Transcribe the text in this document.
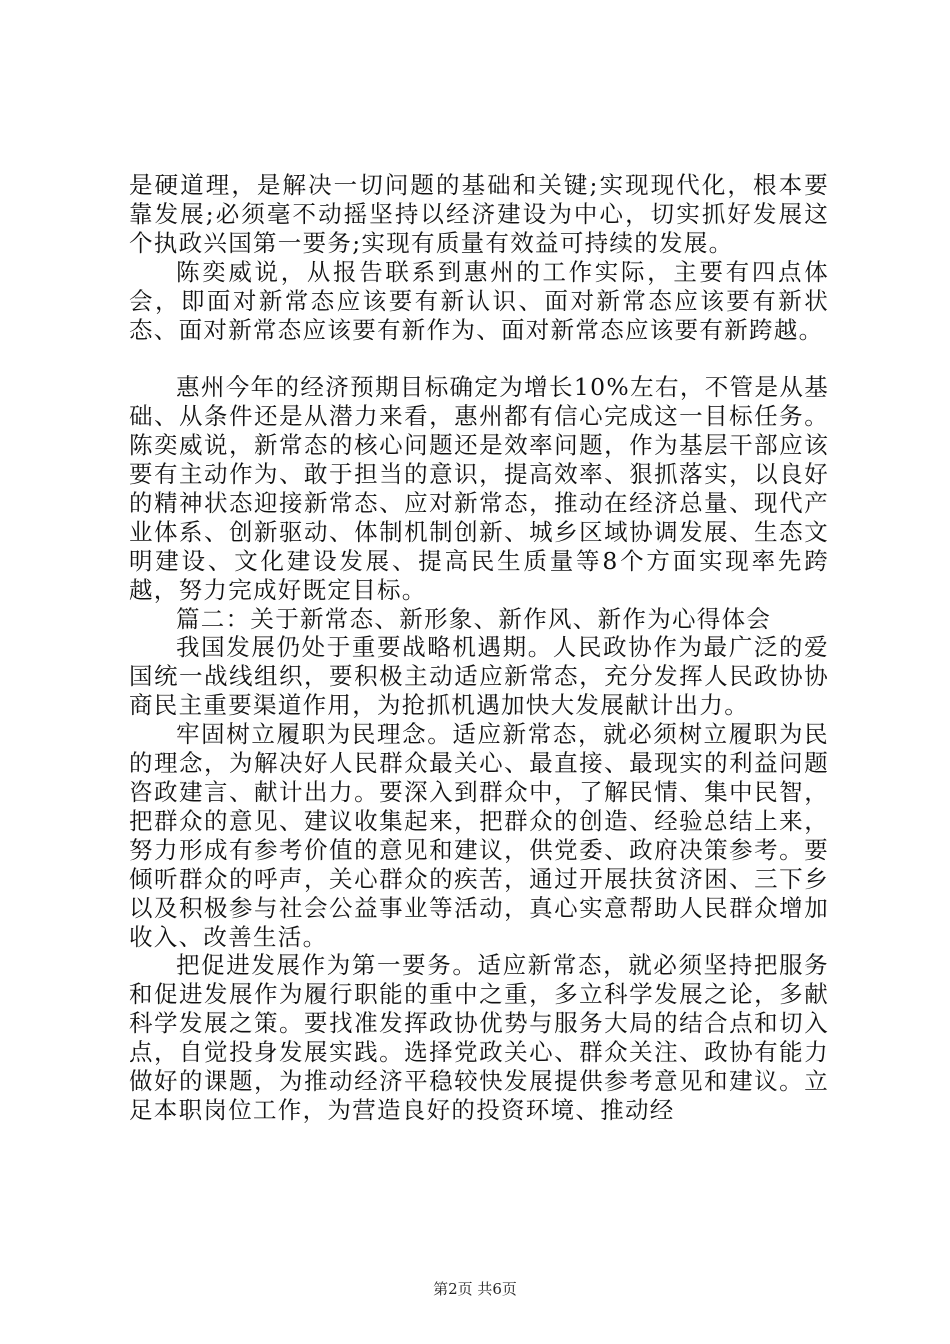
是硬道理，是解决一切问题的基础和关键;实现现代化，根本要靠发展;必须毫不动摇坚持以经济建设为中心，切实抓好发展这个执政兴国第一要务;实现有质量有效益可持续的发展。

陈奕威说，从报告联系到惠州的工作实际，主要有四点体会，即面对新常态应该要有新认识、面对新常态应该要有新状态、面对新常态应该要有新作为、面对新常态应该要有新跨越。

惠州今年的经济预期目标确定为增长10%左右，不管是从基础、从条件还是从潜力来看，惠州都有信心完成这一目标任务。陈奕威说，新常态的核心问题还是效率问题，作为基层干部应该要有主动作为、敢于担当的意识，提高效率、狠抓落实，以良好的精神状态迎接新常态、应对新常态，推动在经济总量、现代产业体系、创新驱动、体制机制创新、城乡区域协调发展、生态文明建设、文化建设发展、提高民生质量等8个方面实现率先跨越，努力完成好既定目标。

篇二：关于新常态、新形象、新作风、新作为心得体会

我国发展仍处于重要战略机遇期。人民政协作为最广泛的爱国统一战线组织，要积极主动适应新常态，充分发挥人民政协协商民主重要渠道作用，为抢抓机遇加快大发展献计出力。

牢固树立履职为民理念。适应新常态，就必须树立履职为民的理念，为解决好人民群众最关心、最直接、最现实的利益问题咨政建言、献计出力。要深入到群众中，了解民情、集中民智，把群众的意见、建议收集起来，把群众的创造、经验总结上来，努力形成有参考价值的意见和建议，供党委、政府决策参考。要倾听群众的呼声，关心群众的疾苦，通过开展扶贫济困、三下乡以及积极参与社会公益事业等活动，真心实意帮助人民群众增加收入、改善生活。

把促进发展作为第一要务。适应新常态，就必须坚持把服务和促进发展作为履行职能的重中之重，多立科学发展之论，多献科学发展之策。要找准发挥政协优势与服务大局的结合点和切入点，自觉投身发展实践。选择党政关心、群众关注、政协有能力做好的课题，为推动经济平稳较快发展提供参考意见和建议。立足本职岗位工作，为营造良好的投资环境、推动经

第2页 共6页
